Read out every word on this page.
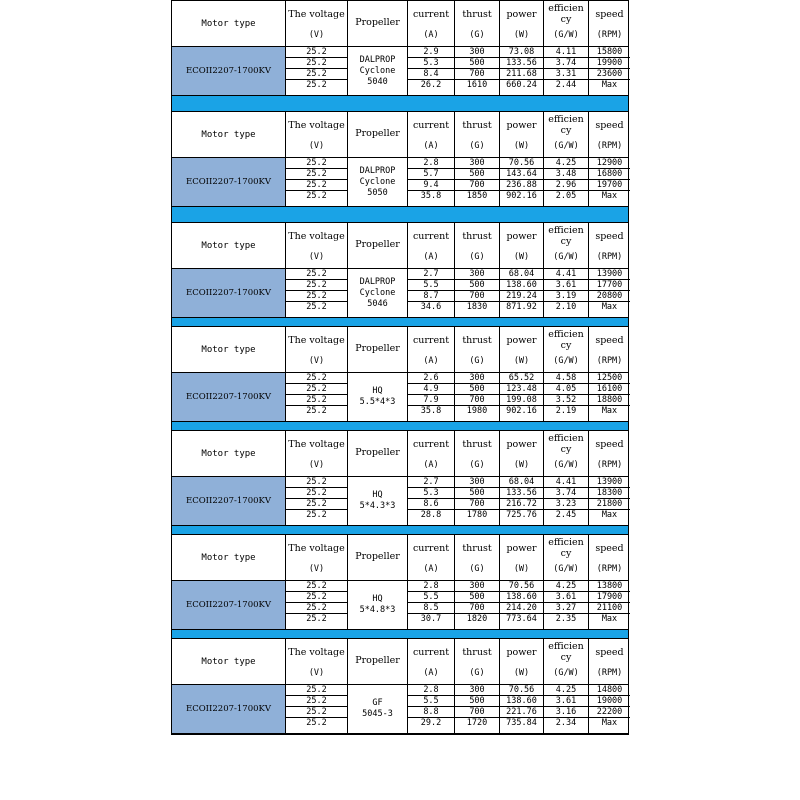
Motor type
The voltage
(V)
Propeller
current
(A)
thrust
(G)
power
(W)
efficien
cy
(G/W)
speed
(RPM)
ECOII2207-1700KV
25.2
25.2
25.2
25.2
DALPROP
Cyclone
5040
2.9
5.3
8.4
26.2
300
500
700
1610
73.08
133.56
211.68
660.24
4.11
3.74
3.31
2.44
15800
19900
23600
Max
Motor type
The voltage
(V)
Propeller
current
(A)
thrust
(G)
power
(W)
efficien
cy
(G/W)
speed
(RPM)
ECOII2207-1700KV
25.2
25.2
25.2
25.2
DALPROP
Cyclone
5050
2.8
5.7
9.4
35.8
300
500
700
1850
70.56
143.64
236.88
902.16
4.25
3.48
2.96
2.05
12900
16800
19700
Max
Motor type
The voltage
(V)
Propeller
current
(A)
thrust
(G)
power
(W)
efficien
cy
(G/W)
speed
(RPM)
ECOII2207-1700KV
25.2
25.2
25.2
25.2
DALPROP
Cyclone
5046
2.7
5.5
8.7
34.6
300
500
700
1830
68.04
138.60
219.24
871.92
4.41
3.61
3.19
2.10
13900
17700
20800
Max
Motor type
The voltage
(V)
Propeller
current
(A)
thrust
(G)
power
(W)
efficien
cy
(G/W)
speed
(RPM)
ECOII2207-1700KV
25.2
25.2
25.2
25.2
HQ
5.5*4*3
2.6
4.9
7.9
35.8
300
500
700
1980
65.52
123.48
199.08
902.16
4.58
4.05
3.52
2.19
12500
16100
18800
Max
Motor type
The voltage
(V)
Propeller
current
(A)
thrust
(G)
power
(W)
efficien
cy
(G/W)
speed
(RPM)
ECOII2207-1700KV
25.2
25.2
25.2
25.2
HQ
5*4.3*3
2.7
5.3
8.6
28.8
300
500
700
1780
68.04
133.56
216.72
725.76
4.41
3.74
3.23
2.45
13900
18300
21800
Max
Motor type
The voltage
(V)
Propeller
current
(A)
thrust
(G)
power
(W)
efficien
cy
(G/W)
speed
(RPM)
ECOII2207-1700KV
25.2
25.2
25.2
25.2
HQ
5*4.8*3
2.8
5.5
8.5
30.7
300
500
700
1820
70.56
138.60
214.20
773.64
4.25
3.61
3.27
2.35
13800
17900
21100
Max
Motor type
The voltage
(V)
Propeller
current
(A)
thrust
(G)
power
(W)
efficien
cy
(G/W)
speed
(RPM)
ECOII2207-1700KV
25.2
25.2
25.2
25.2
GF
5045-3
2.8
5.5
8.8
29.2
300
500
700
1720
70.56
138.60
221.76
735.84
4.25
3.61
3.16
2.34
14800
19000
22200
Max
